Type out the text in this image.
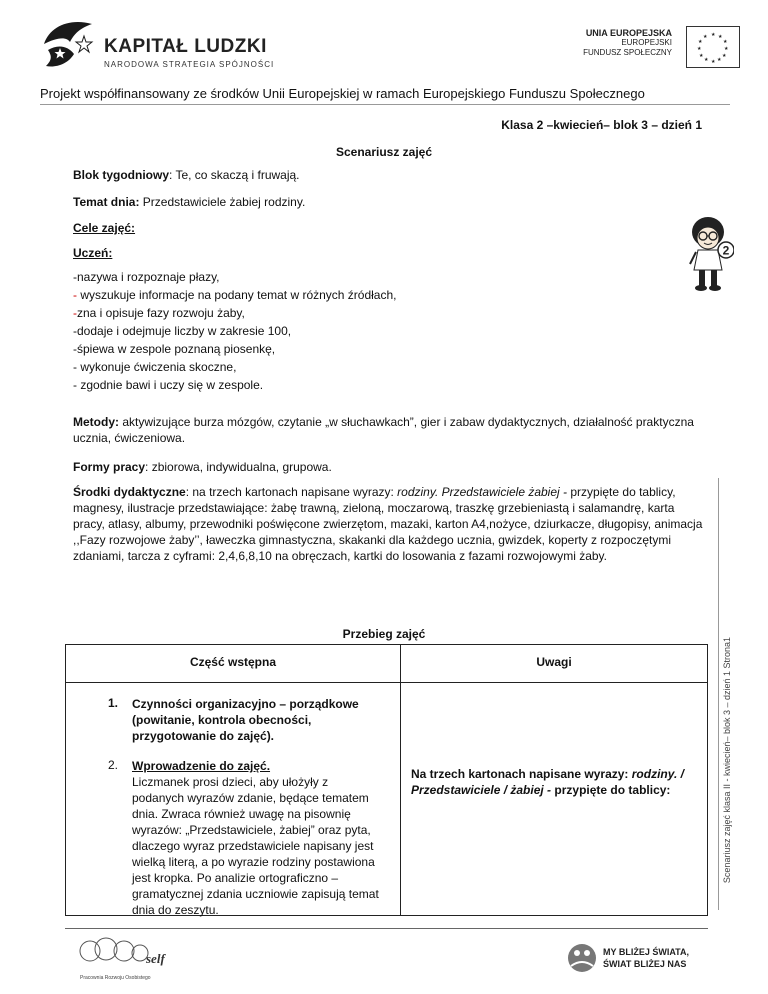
KAPITAŁ LUDZKI
NARODOWA STRATEGIA SPÓJNOŚCI
UNIA EUROPEJSKA
EUROPEJSKI
FUNDUSZ SPOŁECZNY
★ ★
★
★
★
★
★
★
★
★
★
★
Projekt współfinansowany ze środków Unii Europejskiej w ramach Europejskiego Funduszu Społecznego
Klasa 2 –kwiecień– blok 3 – dzień 1
Scenariusz zajęć
Blok tygodniowy: Te, co skaczą i fruwają.
Temat dnia: Przedstawiciele żabiej rodziny.
Cele zajęć:
Uczeń:
-nazywa i rozpoznaje płazy,
- wyszukuje informacje na podany temat w różnych źródłach,
-zna i opisuje fazy rozwoju żaby,
-dodaje i odejmuje liczby w zakresie 100,
-śpiewa w zespole poznaną piosenkę,
- wykonuje ćwiczenia skoczne,
- zgodnie bawi i uczy się w zespole.
Metody: aktywizujące burza mózgów, czytanie „w słuchawkach”, gier i zabaw dydaktycznych, działalność praktyczna ucznia, ćwiczeniowa.
Formy pracy: zbiorowa, indywidualna, grupowa.
Środki dydaktyczne: na trzech kartonach napisane wyrazy: rodziny. Przedstawiciele żabiej - przypięte do tablicy, magnesy, ilustracje przedstawiające: żabę trawną, zieloną, moczarową, traszkę grzebieniastą i salamandrę, karta pracy, atlasy, albumy, przewodniki poświęcone zwierzętom, mazaki, karton A4,nożyce, dziurkacze, długopisy, animacja ,,Fazy rozwojowe żaby’’, ławeczka gimnastyczna, skakanki dla każdego ucznia, gwizdek, koperty z rozpoczętymi zdaniami, tarcza z cyframi: 2,4,6,8,10 na obręczach, kartki do losowania z fazami rozwojowymi żaby.
2
Scenariusz zajęć klasa II - kwiecień– blok 3 – dzień 1 Strona1
Przebieg zajęć
Część wstępna	Uwagi
1. Czynności organizacyjno – porządkowe (powitanie, kontrola obecności, przygotowanie do zajęć).
2. Wprowadzenie do zajęć.
Liczmanek prosi dzieci, aby ułożyły z podanych wyrazów zdanie, będące tematem dnia. Zwraca również uwagę na pisownię wyrazów: „Przedstawiciele, żabiej” oraz pyta, dlaczego wyraz przedstawiciele napisany jest wielką literą, a po wyrazie rodziny postawiona jest kropka. Po analizie ortograficzno – gramatycznej zdania uczniowie zapisują temat dnia do zeszytu.
Na trzech kartonach napisane wyrazy: rodziny. / Przedstawiciele / żabiej - przypięte do tablicy:
self
Pracownia Rozwoju Osobistego
MY BLIŻEJ ŚWIATA,
ŚWIAT BLIŻEJ NAS
